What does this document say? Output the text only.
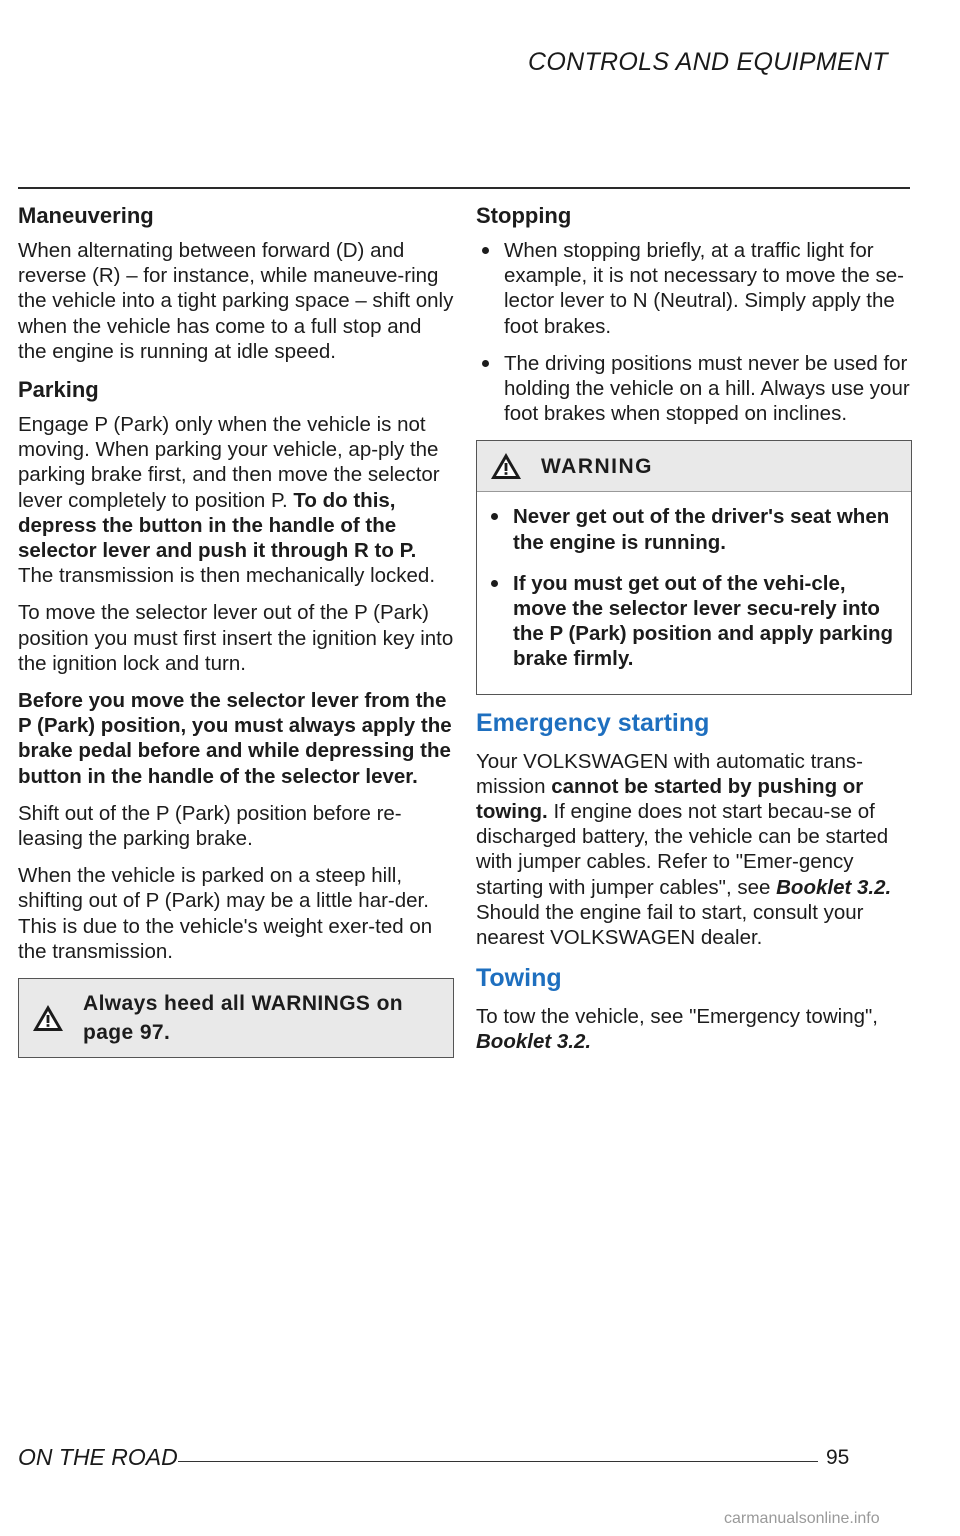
CONTROLS AND EQUIPMENT
Maneuvering

When alternating between forward (D) and reverse (R) – for instance, while maneuve-ring the vehicle into a tight parking space – shift only when the vehicle has come to a full stop and the engine is running at idle speed.

Parking

Engage P (Park) only when the vehicle is not moving. When parking your vehicle, ap-ply the parking brake first, and then move the selector lever completely to position P. To do this, depress the button in the handle of the selector lever and push it through R to P. The transmission is then mechanically locked.

To move the selector lever out of the P (Park) position you must first insert the ignition key into the ignition lock and turn.

Before you move the selector lever from the P (Park) position, you must always apply the brake pedal before and while depressing the button in the handle of the selector lever.

Shift out of the P (Park) position before re-leasing the parking brake.

When the vehicle is parked on a steep hill, shifting out of P (Park) may be a little har-der. This is due to the vehicle's weight exer-ted on the transmission.

Always heed all WARNINGS on page 97.
Stopping
When stopping briefly, at a traffic light for example, it is not necessary to move the se-lector lever to N (Neutral). Simply apply the foot brakes.
The driving positions must never be used for holding the vehicle on a hill. Always use your foot brakes when stopped on inclines.
WARNING
Never get out of the driver's seat when the engine is running.
If you must get out of the vehi-cle, move the selector lever secu-rely into the P (Park) position and apply parking brake firmly.
Emergency starting

Your VOLKSWAGEN with automatic trans-mission cannot be started by pushing or towing. If engine does not start becau-se of discharged battery, the vehicle can be started with jumper cables. Refer to "Emer-gency starting with jumper cables", see Booklet 3.2. Should the engine fail to start, consult your nearest VOLKSWAGEN dealer.

Towing

To tow the vehicle, see "Emergency towing", Booklet 3.2.

ON THE ROAD	95
carmanualsonline.info
